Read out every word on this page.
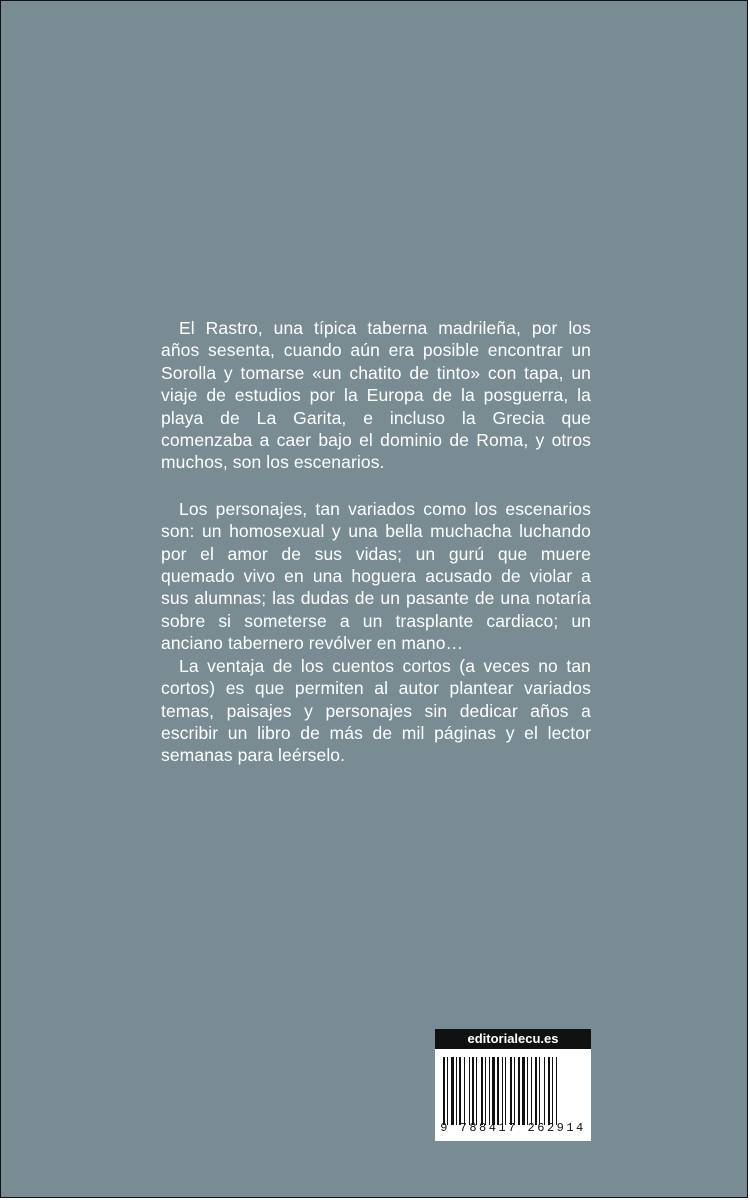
El Rastro, una típica taberna madrileña, por los años sesenta, cuando aún era posible encontrar un Sorolla y tomarse «un chatito de tinto» con tapa, un viaje de estudios por la Europa de la posguerra, la playa de La Garita, e incluso la Grecia que comenzaba a caer bajo el dominio de Roma, y otros muchos, son los escenarios.

Los personajes, tan variados como los escenarios son: un homosexual y una bella muchacha luchando por el amor de sus vidas; un gurú que muere quemado vivo en una hoguera acusado de violar a sus alumnas; las dudas de un pasante de una notaría sobre si someterse a un trasplante cardiaco; un anciano tabernero revólver en mano…

La ventaja de los cuentos cortos (a veces no tan cortos) es que permiten al autor plantear variados temas, paisajes y personajes sin dedicar años a escribir un libro de más de mil páginas y el lector semanas para leérselo.

editorialecu.es
9 788417 262914
